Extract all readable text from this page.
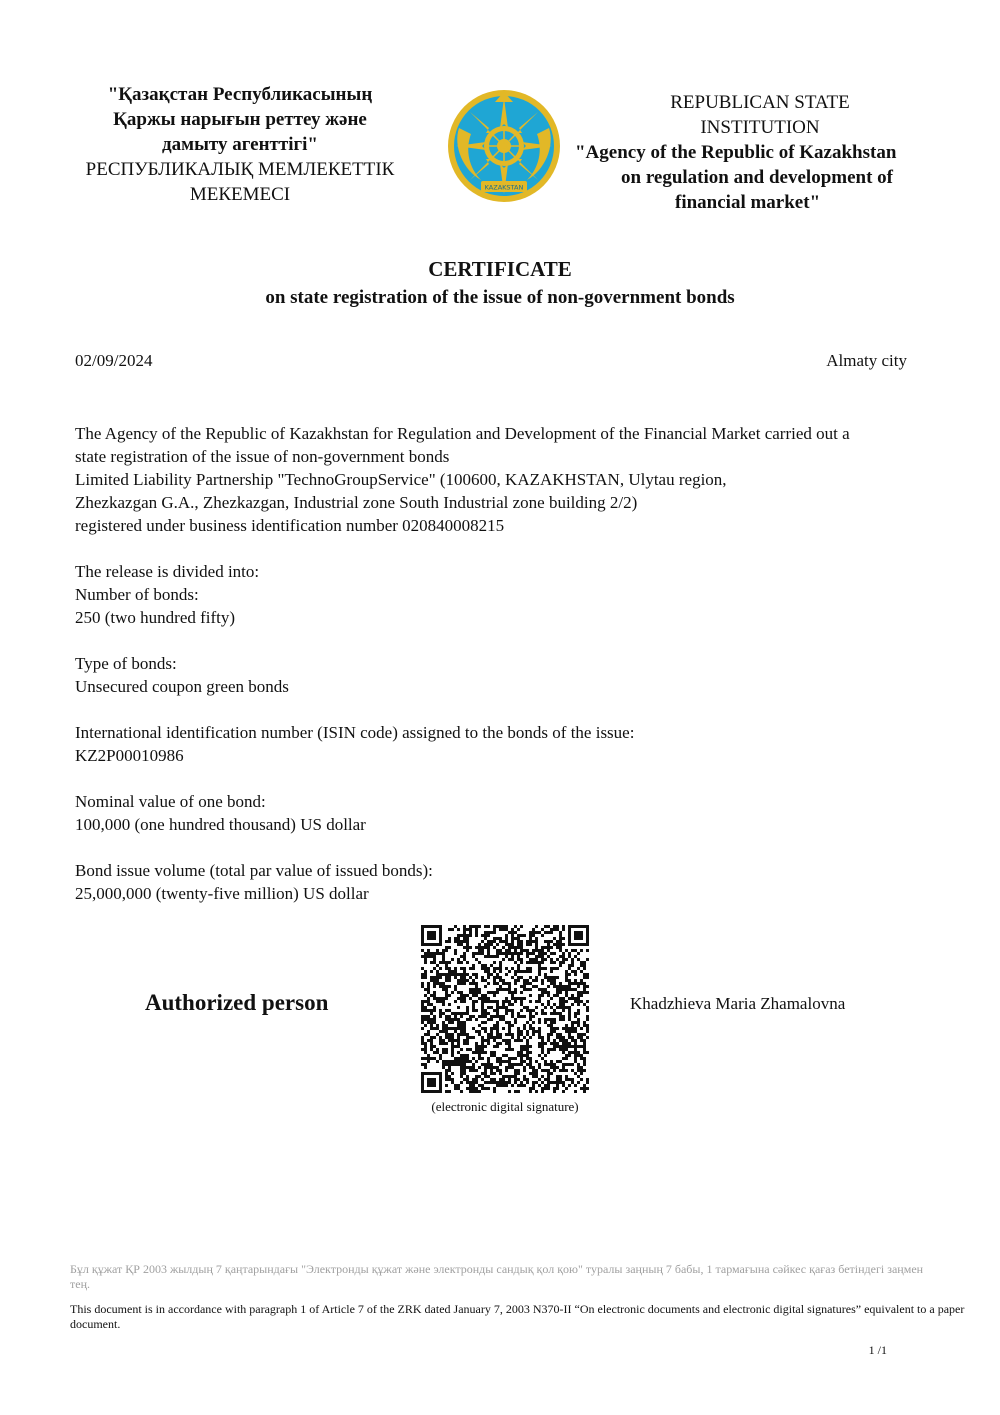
"Қазақстан Республикасының
Қаржы нарығын реттеу және
дамыту агенттігі"
РЕСПУБЛИКАЛЫҚ МЕМЛЕКЕТТІК
МЕКЕМЕСІ	KAZAKSTAN
REPUBLICAN STATE
INSTITUTION
"Agency of the Republic of Kazakhstan
on regulation and development of
financial market"
CERTIFICATE
on state registration of the issue of non-government bonds
02/09/2024	Almaty city

The Agency of the Republic of Kazakhstan for Regulation and Development of the Financial Market carried out a

state registration of the issue of non-government bonds

Limited Liability Partnership "TechnoGroupService" (100600, KAZAKHSTAN, Ulytau region,

Zhezkazgan G.A., Zhezkazgan, Industrial zone South Industrial zone building 2/2)

registered under business identification number 020840008215

The release is divided into:

Number of bonds:

250 (two hundred fifty)

Type of bonds:

Unsecured coupon green bonds

International identification number (ISIN code) assigned to the bonds of the issue:

KZ2P00010986

Nominal value of one bond:

100,000 (one hundred thousand) US dollar

Bond issue volume (total par value of issued bonds):

25,000,000 (twenty-five million) US dollar

Authorized person
(electronic digital signature)
Khadzhieva Maria Zhamalovna
Бұл құжат ҚР 2003 жылдың 7 қаңтарындағы "Электронды құжат және электронды сандық қол қою" туралы заңның 7 бабы, 1 тармағына сәйкес қағаз бетіндегі заңмен тең.
This document is in accordance with paragraph 1 of Article 7 of the ZRK dated January 7, 2003 N370-II “On electronic documents and electronic digital signatures” equivalent to a paper document.
1 /1
